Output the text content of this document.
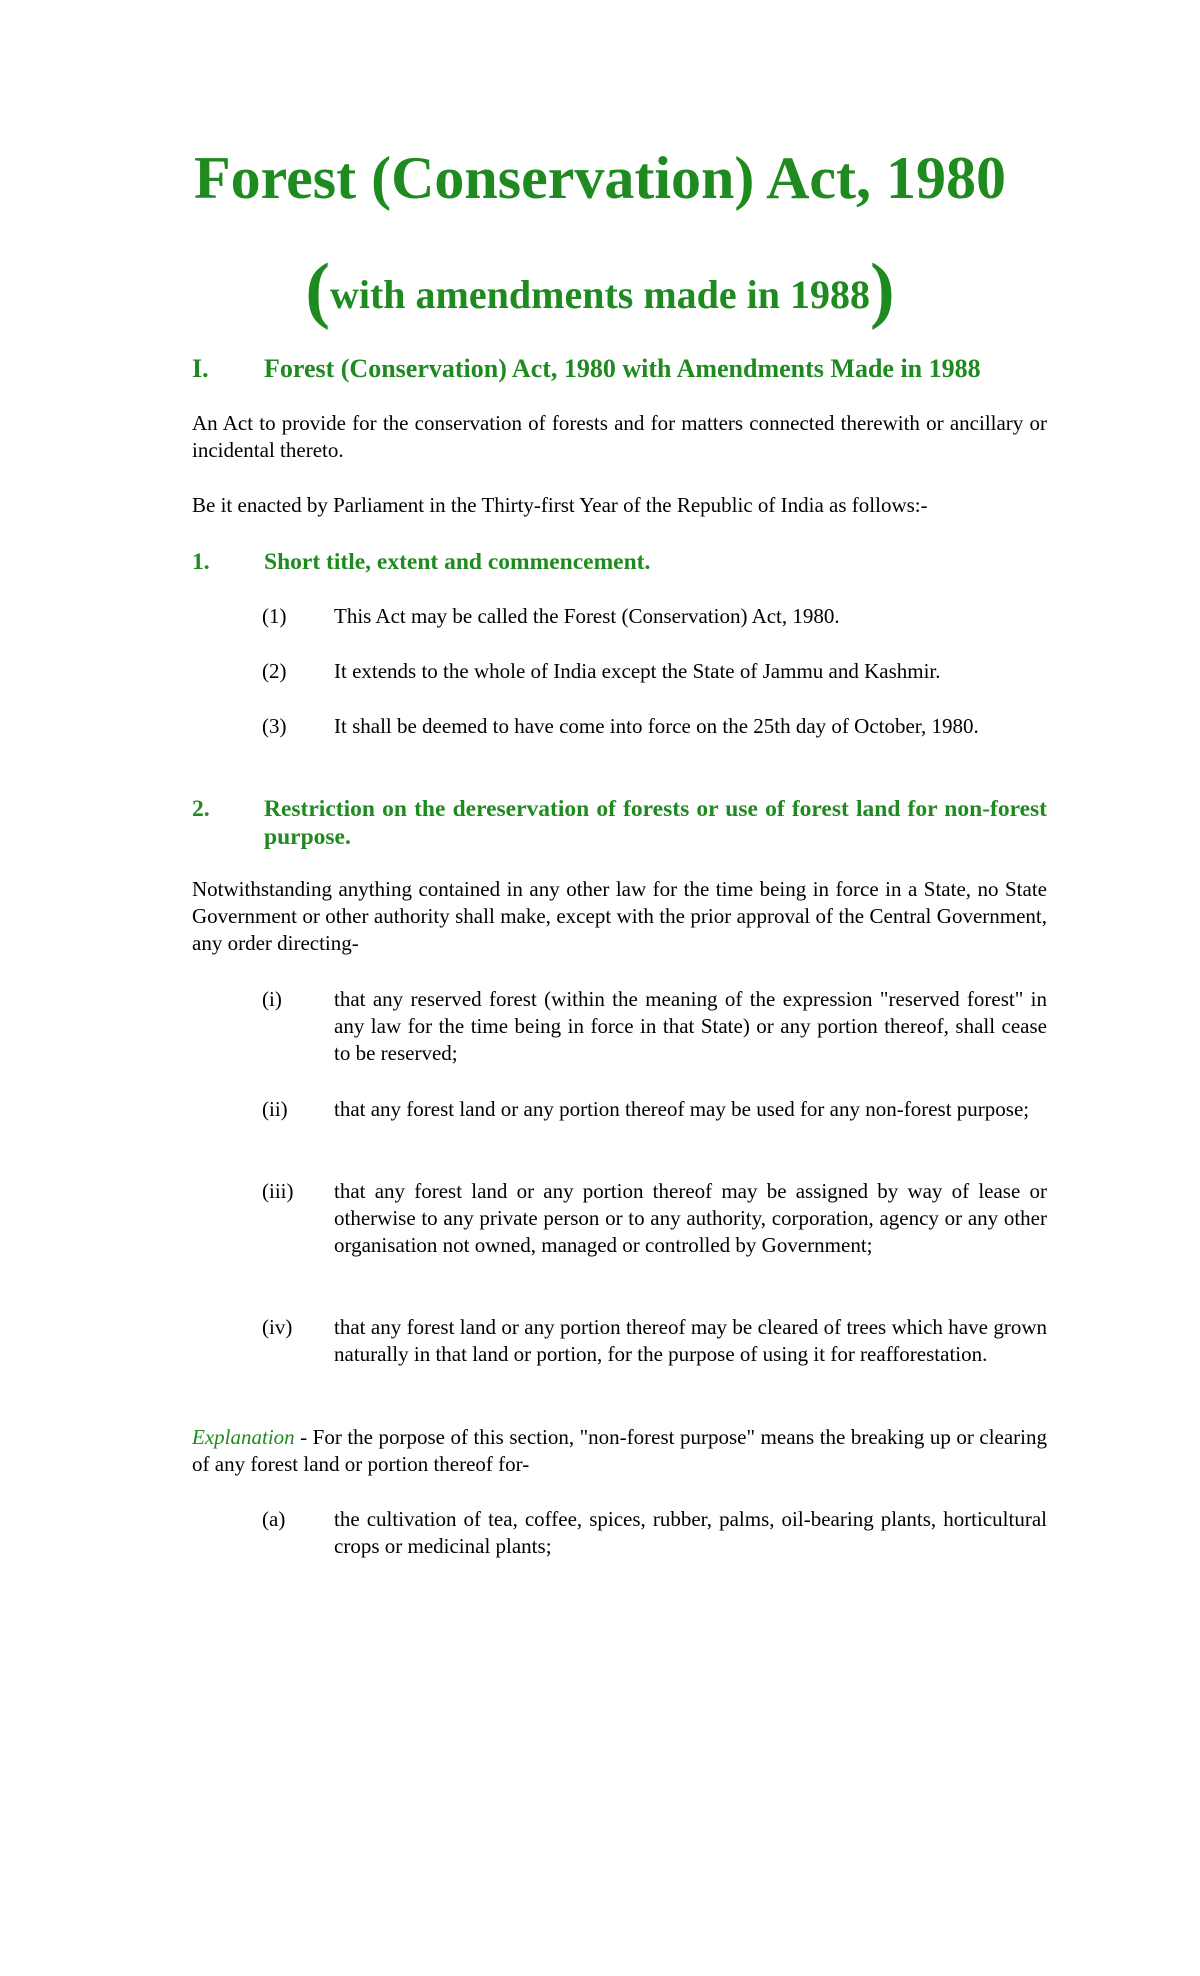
Forest (Conservation) Act, 1980
(with amendments made in 1988)
I. Forest (Conservation) Act, 1980 with Amendments Made in 1988

An Act to provide for the conservation of forests and for matters connected therewith or ancillary or incidental thereto.

Be it enacted by Parliament in the Thirty-first Year of the Republic of India as follows:-

1. Short title, extent and commencement.
(1) This Act may be called the Forest (Conservation) Act, 1980.
(2) It extends to the whole of India except the State of Jammu and Kashmir.
(3) It shall be deemed to have come into force on the 25th day of October, 1980.
2. Restriction on the dereservation of forests or use of forest land for non-forest purpose.

Notwithstanding anything contained in any other law for the time being in force in a State, no State Government or other authority shall make, except with the prior approval of the Central Government, any order directing-

(i) that any reserved forest (within the meaning of the expression "reserved forest" in any law for the time being in force in that State) or any portion thereof, shall cease to be reserved;
(ii) that any forest land or any portion thereof may be used for any non-forest purpose;
(iii) that any forest land or any portion thereof may be assigned by way of lease or otherwise to any private person or to any authority, corporation, agency or any other organisation not owned, managed or controlled by Government;
(iv) that any forest land or any portion thereof may be cleared of trees which have grown naturally in that land or portion, for the purpose of using it for reafforestation.

Explanation - For the porpose of this section, "non-forest purpose" means the breaking up or clearing of any forest land or portion thereof for-

(a) the cultivation of tea, coffee, spices, rubber, palms, oil-bearing plants, horticultural crops or medicinal plants;
